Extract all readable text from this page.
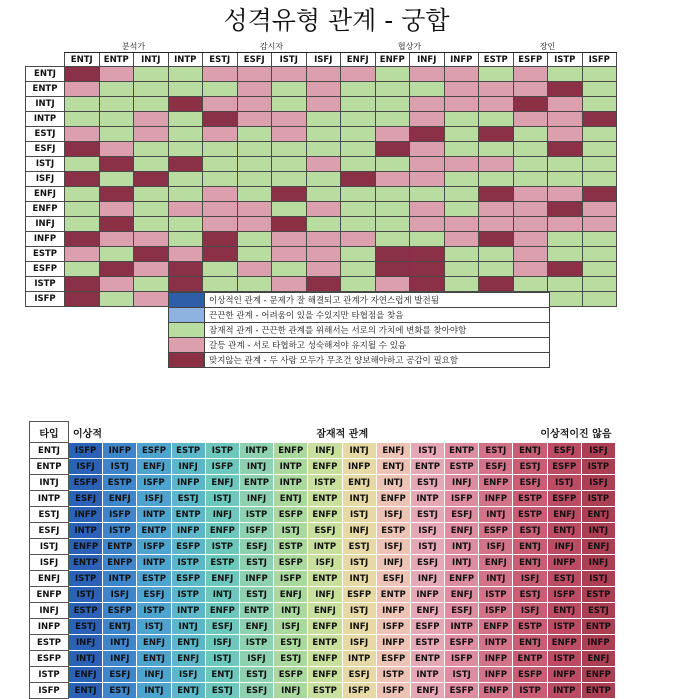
성격유형 관계 - 궁합
	분석가				감시자				협상가				장인			
	ENTJ	ENTP	INTJ	INTP	ESTJ	ESFJ	ISTJ	ISFJ	ENFJ	ENFP	INFJ	INFP	ESTP	ESFP	ISTP	ISFP
ENTJ																
ENTP																
INTJ																
INTP																
ESTJ																
ESFJ																
ISTJ																
ISFJ																
ENFJ																
ENFP																
INFJ																
INFP																
ESTP																
ESFP																
ISTP																
ISFP																
		이상적인 관계 - 문제가 잘 해결되고 관계가 자연스럽게 발전됨
	끈끈한 관계 - 어려움이 있을 수있지만 타협점을 찾음
	잠재적 관계 - 끈끈한 관계를 위해서는 서로의 가치에 변화를 찾아야함
	갈등 관계 - 서로 타협하고 성숙해져야 유지될 수 있음
	맞지않는 관계 - 두 사람 모두가 무조건 양보해야하고 공감이 필요함
타입	이상적 잠재적 관계 이상적이진 않음															

ENTJ	ISFP	INFP	ESFP	ESTP	ISTP	INTP	ENFP	INFJ	INTJ	ENFJ	ISTJ	ENTP	ESTJ	ENTJ	ESFJ	ISFJ
ENTP	ISFJ	ISTJ	ENFJ	INFJ	ISFP	INTJ	INTP	ENFP	INFP	ENTJ	ENTP	ESTP	ESFJ	ESTJ	ESFP	ISTP
INTJ	ESFP	ESTP	ISFP	INFP	ENFJ	ENTP	INTP	ISTP	ENTJ	INTJ	ESTJ	INFJ	ENFP	ESFJ	ISTJ	ISFJ
INTP	ESFJ	ENFJ	ISFJ	ESTJ	ISTJ	INFJ	ENTJ	ENTP	INTJ	ENFP	INTP	ISFP	INFP	ESTP	ESFP	ISTP
ESTJ	INFP	ISFP	INTP	ENTP	INFJ	ISTP	ESFP	ENFP	ISTJ	ISFJ	ESTJ	ESFJ	INTJ	ESTP	ENFJ	ENTJ
ESFJ	INTP	ISTP	ENTP	INFP	ENFP	ISFP	ISTJ	ESFJ	INFJ	ESTP	ISFJ	ENFJ	ESFP	ESTJ	ENTJ	INTJ
ISTJ	ENFP	ENTP	ISFP	ESFP	ISTP	ESFJ	ESTP	INTP	ESTJ	ISFJ	ISTJ	INTJ	ISFJ	ENTJ	INFJ	ENFJ
ISFJ	ENTP	ENFP	INTP	ISTP	ESTP	ESTJ	ESFP	ISFJ	ISTJ	INFJ	ESFJ	INTJ	ENFJ	ENTJ	INFP	INFJ
ENFJ	ISTP	INTP	ESTP	ESFP	ENFJ	INFP	ISFP	ENTP	INTJ	ESFJ	INFJ	ENFP	INTJ	ISFJ	ESTJ	ISTJ
ENFP	ISTJ	ISFJ	ESFJ	ISTP	INTJ	ESTJ	ENFJ	INFJ	ESFP	ENTP	INFP	ENFJ	ISTP	ESTJ	ISFP	ESTP
INFJ	ESTP	ESFP	ISTP	INTP	ENFP	ENTP	INTJ	ENFJ	ISTJ	INFP	ENFJ	ESFJ	ISFP	ISFJ	ENTJ	ESTJ
INFP	ESTJ	ENTJ	ISTJ	INTJ	ESFJ	ENFJ	ISFJ	ENFP	INFJ	ISFP	ESFP	INTP	ENFP	ESTP	ISTP	ENTP
ESTP	INFJ	INTJ	ENFJ	ENTJ	ISFJ	ISTP	ESTJ	ENTP	ISFJ	INFP	ESTP	ESFP	INTP	ENTJ	ENFP	INFP
ESFP	INTJ	INFJ	ENTJ	ENFJ	ISTJ	ISFJ	ESTJ	ENFP	INTP	ESFP	ENTP	ISFP	INFP	ENTP	ISTP	ENFJ
ISTP	ENFJ	ESFJ	INFJ	ISFJ	ENTJ	ESTJ	ESFP	ENFP	ESFJ	ISTP	INTP	ISTJ	INFP	ESFP	INFP	ENFP
ISFP	ENTJ	ESTJ	INTJ	ENTJ	ESTJ	ESFJ	INFJ	ESTP	ISFP	ISFP	ENFJ	ESFP	ENFP	ISTP	INTP	ENTP
